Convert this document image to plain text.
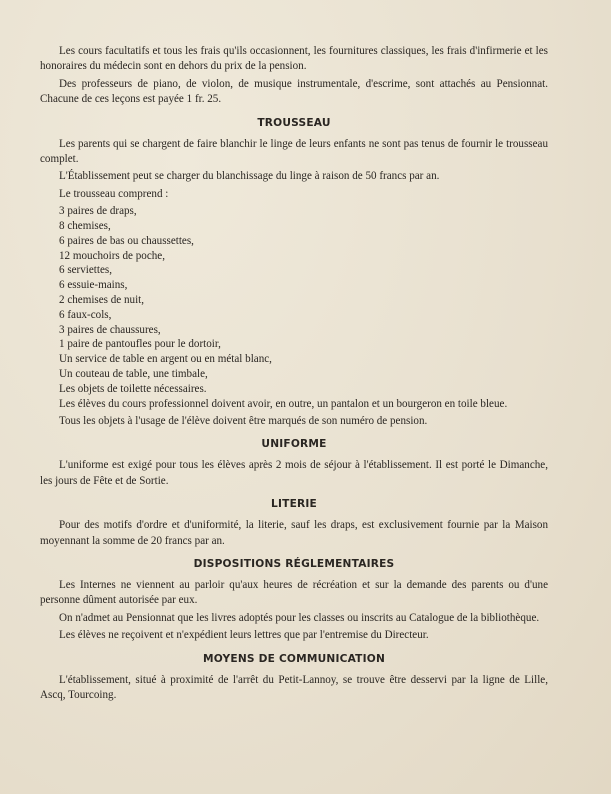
Les cours facultatifs et tous les frais qu'ils occasionnent, les fournitures classiques, les frais d'infirmerie et les honoraires du médecin sont en dehors du prix de la pension.

Des professeurs de piano, de violon, de musique instrumentale, d'escrime, sont attachés au Pensionnat. Chacune de ces leçons est payée 1 fr. 25.

TROUSSEAU

Les parents qui se chargent de faire blanchir le linge de leurs enfants ne sont pas tenus de fournir le trousseau complet.

L'Établissement peut se charger du blanchissage du linge à raison de 50 francs par an.

Le trousseau comprend :

3 paires de draps,
8 chemises,
6 paires de bas ou chaussettes,
12 mouchoirs de poche,
6 serviettes,
6 essuie-mains,
2 chemises de nuit,
6 faux-cols,
3 paires de chaussures,
1 paire de pantoufles pour le dortoir,
Un service de table en argent ou en métal blanc,
Un couteau de table, une timbale,
Les objets de toilette nécessaires.

Les élèves du cours professionnel doivent avoir, en outre, un pantalon et un bourgeron en toile bleue.

Tous les objets à l'usage de l'élève doivent être marqués de son numéro de pension.

UNIFORME

L'uniforme est exigé pour tous les élèves après 2 mois de séjour à l'établissement. Il est porté le Dimanche, les jours de Fête et de Sortie.

LITERIE

Pour des motifs d'ordre et d'uniformité, la literie, sauf les draps, est exclusivement fournie par la Maison moyennant la somme de 20 francs par an.

DISPOSITIONS RÉGLEMENTAIRES

Les Internes ne viennent au parloir qu'aux heures de récréation et sur la demande des parents ou d'une personne dûment autorisée par eux.

On n'admet au Pensionnat que les livres adoptés pour les classes ou inscrits au Catalogue de la bibliothèque.

Les élèves ne reçoivent et n'expédient leurs lettres que par l'entremise du Directeur.

MOYENS DE COMMUNICATION

L'établissement, situé à proximité de l'arrêt du Petit-Lannoy, se trouve être desservi par la ligne de Lille, Ascq, Tourcoing.
